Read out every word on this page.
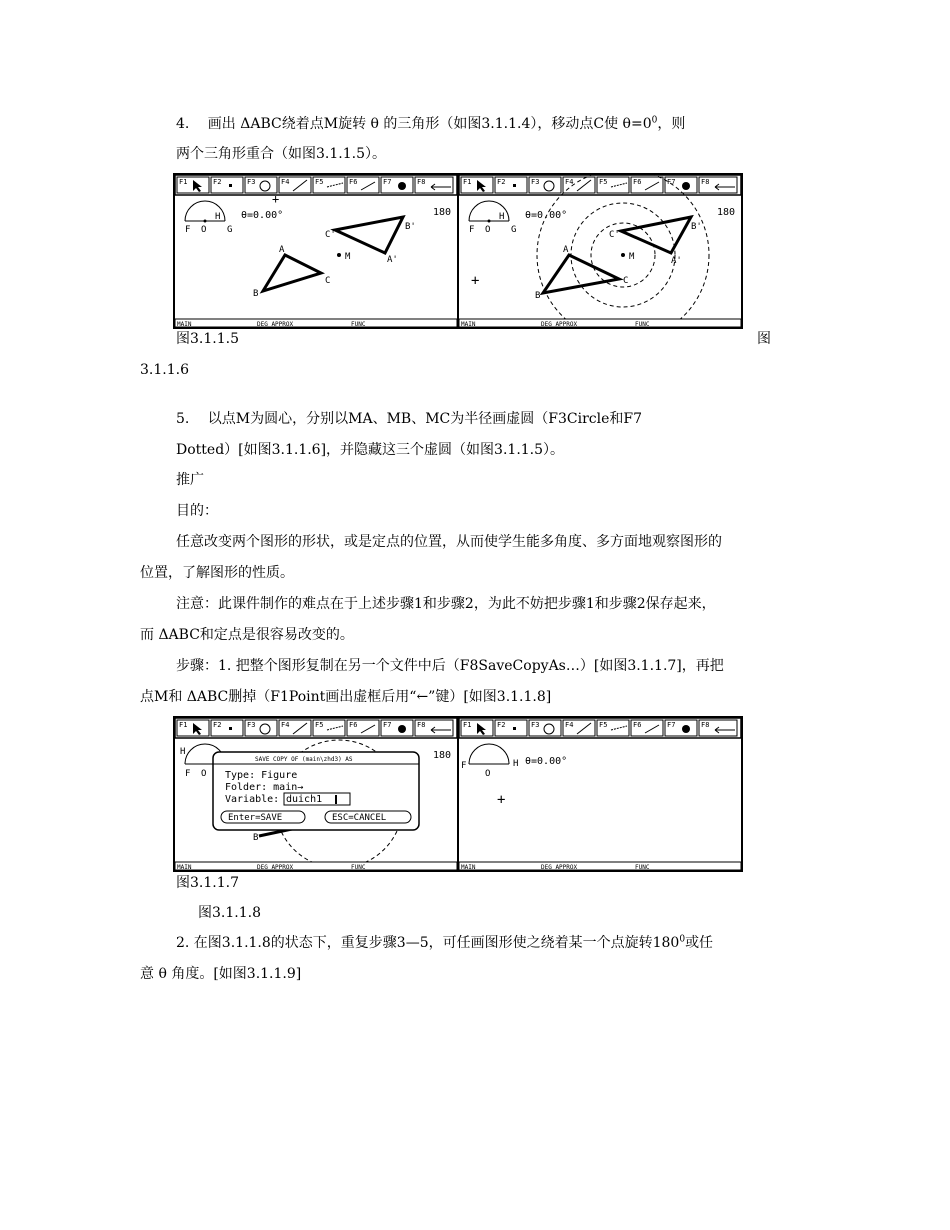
4.　 画出 ΔABC绕着点M旋转 θ 的三角形（如图3.1.1.4），移动点C使 $\theta=0^0$，则
两个三角形重合（如图3.1.1.5）。
F1	F2	F3	F4	F5	F6	F7	F8
+
F O
H
G
θ=0.00°	180
A
B
C
C'
B'
A'
M
MAIN	DEG APPROX	FUNC
F1	F2	F3	F4	F5	F6	F7	F8
F O
H
G
θ=0.00°	180
+
A
B
C
C'
B'
A'
M
MAIN	DEG APPROX	FUNC
图3.1.1.5	图
3.1.1.6
5.　 以点M为圆心，分别以MA、MB、MC为半径画虚圆（F3Circle和F7
Dotted）[如图3.1.1.6]，并隐藏这三个虚圆（如图3.1.1.5）。
推广
目的：
任意改变两个图形的形状，或是定点的位置，从而使学生能多角度、多方面地观察图形的
位置，了解图形的性质。
注意：此课件制作的难点在于上述步骤1和步骤2，为此不妨把步骤1和步骤2保存起来，
而 ΔABC和定点是很容易改变的。
步骤：1. 把整个图形复制在另一个文件中后（F8SaveCopyAs…）[如图3.1.1.7]，再把
点M和 ΔABC删掉（F1Point画出虚框后用“←”键）[如图3.1.1.8]
F1	F2	F3	F4	F5	F6	F7	F8
H
F O
180
B
SAVE COPY OF (main\zhd3) AS
Type: Figure
Folder: main→
Variable: duich1
Enter=SAVE	ESC=CANCEL
MAIN	DEG APPROX	FUNC
F1	F2	F3	F4	F5	F6	F7	F8
F
O
H θ=0.00°
+
MAIN	DEG APPROX	FUNC
图3.1.1.7
图3.1.1.8
2. 在图3.1.1.8的状态下，重复步骤3—5，可任画图形使之绕着某一个点旋转$180^0$或任
意 θ 角度。[如图3.1.1.9]
